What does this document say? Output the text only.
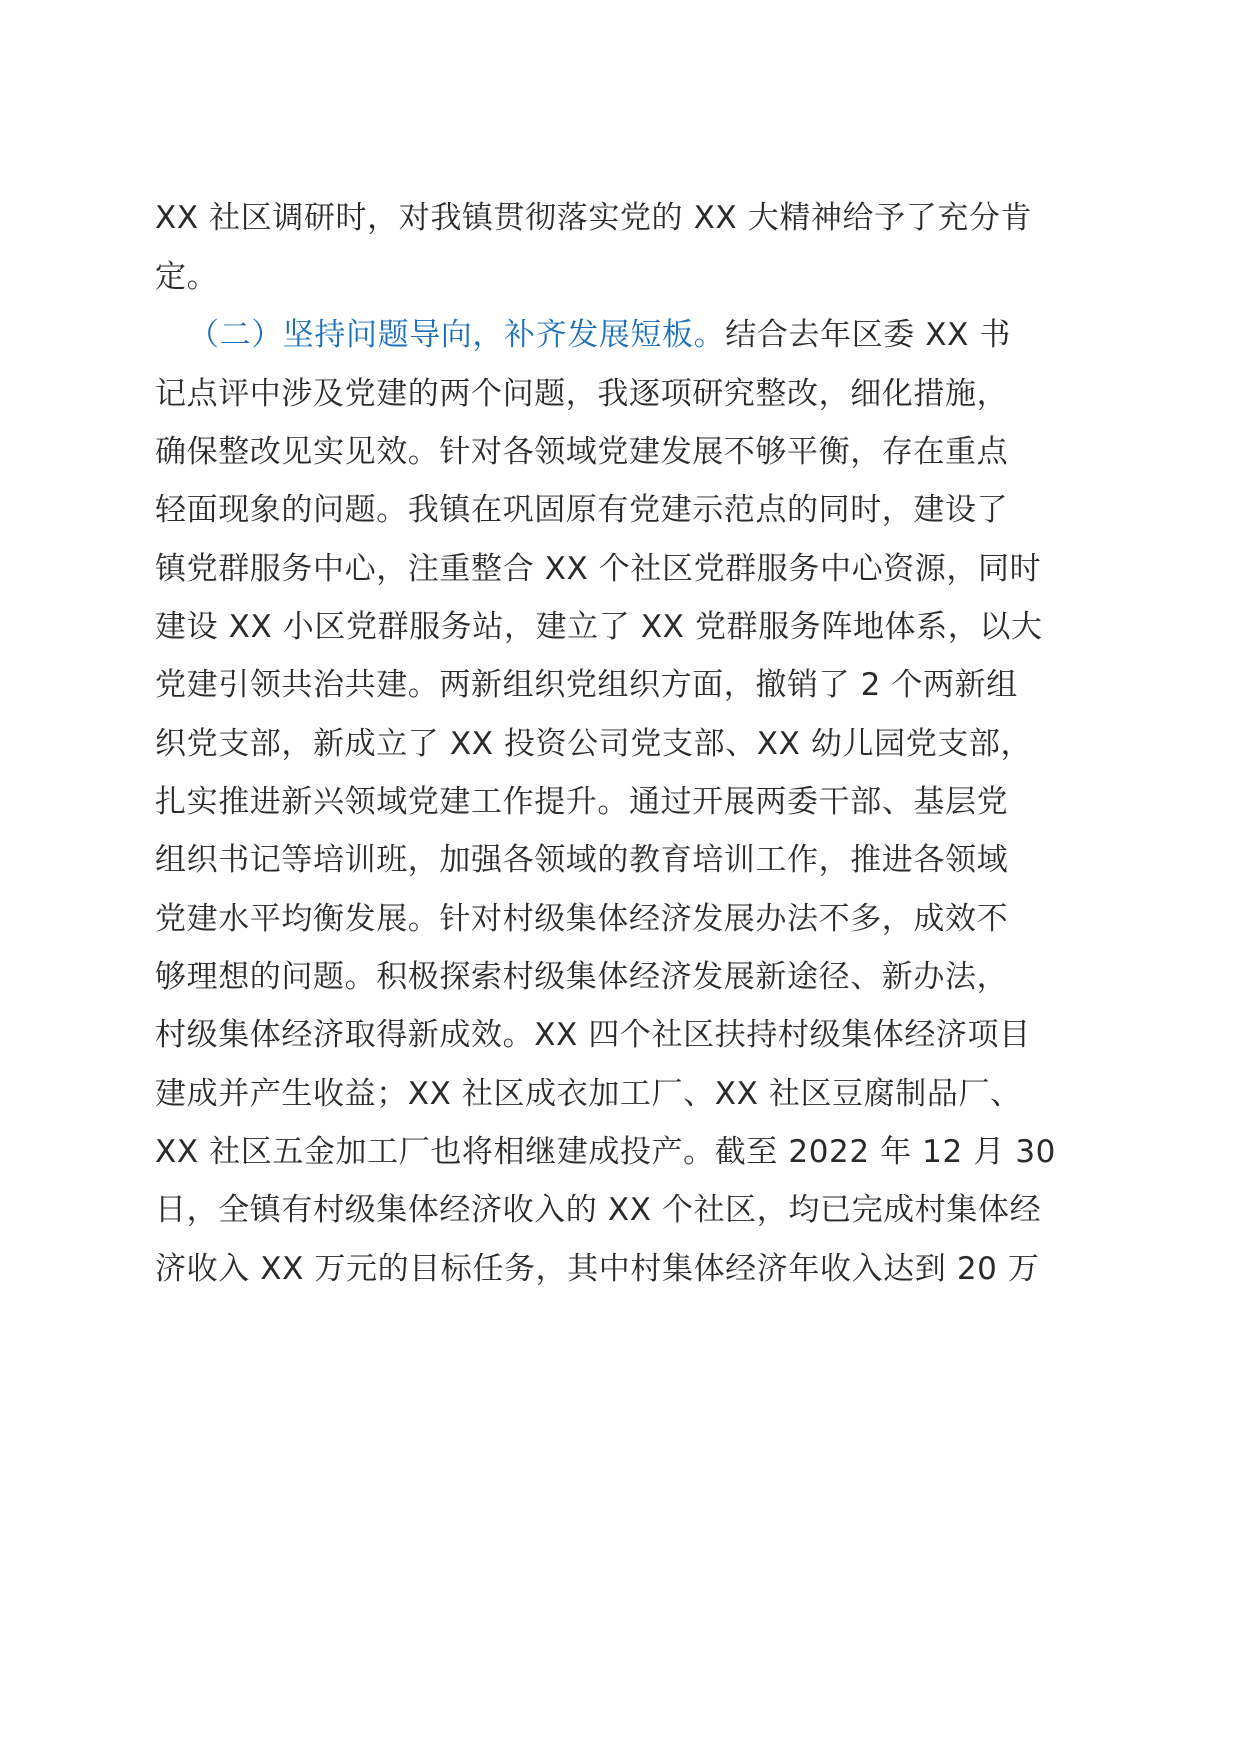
XX 社区调研时，对我镇贯彻落实党的 XX 大精神给予了充分肯
定。
（二）坚持问题导向，补齐发展短板。结合去年区委 XX 书
记点评中涉及党建的两个问题，我逐项研究整改，细化措施，
确保整改见实见效。针对各领域党建发展不够平衡，存在重点
轻面现象的问题。我镇在巩固原有党建示范点的同时，建设了
镇党群服务中心，注重整合 XX 个社区党群服务中心资源，同时
建设 XX 小区党群服务站，建立了 XX 党群服务阵地体系，以大
党建引领共治共建。两新组织党组织方面，撤销了 2 个两新组
织党支部，新成立了 XX 投资公司党支部、XX 幼儿园党支部，
扎实推进新兴领域党建工作提升。通过开展两委干部、基层党
组织书记等培训班，加强各领域的教育培训工作，推进各领域
党建水平均衡发展。针对村级集体经济发展办法不多，成效不
够理想的问题。积极探索村级集体经济发展新途径、新办法，
村级集体经济取得新成效。XX 四个社区扶持村级集体经济项目
建成并产生收益；XX 社区成衣加工厂、XX 社区豆腐制品厂、
XX 社区五金加工厂也将相继建成投产。截至 2022 年 12 月 30
日，全镇有村级集体经济收入的 XX 个社区，均已完成村集体经
济收入 XX 万元的目标任务，其中村集体经济年收入达到 20 万
